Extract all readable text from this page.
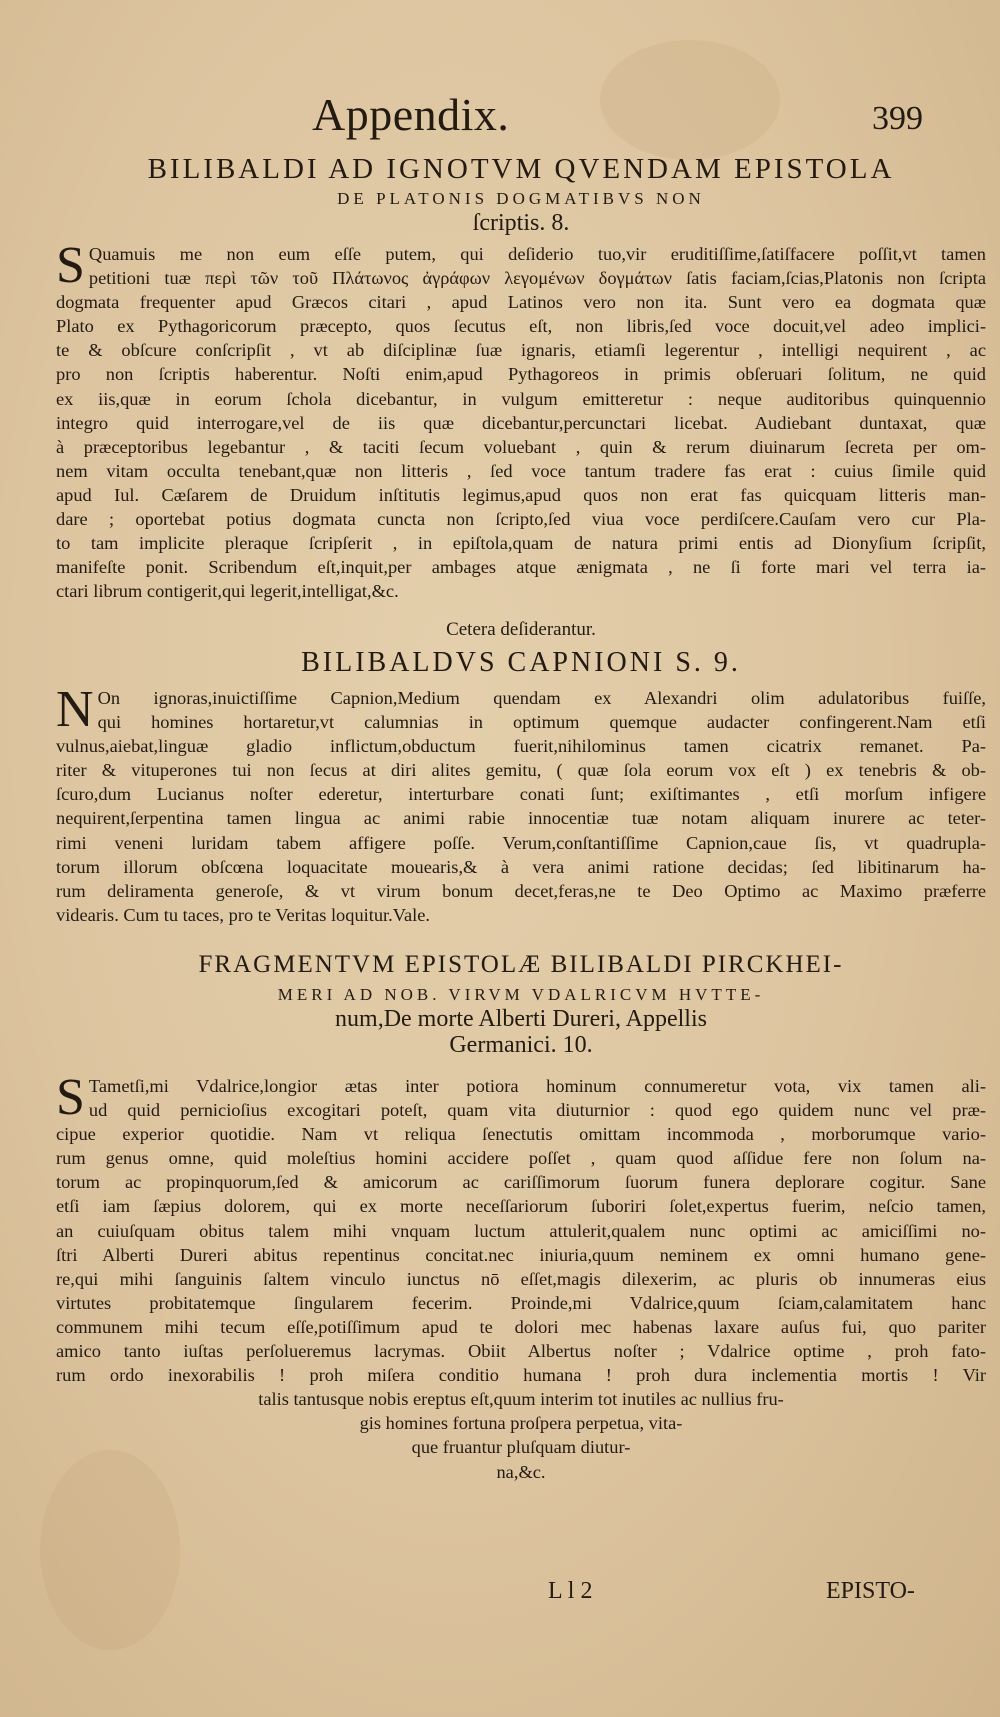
Appendix.	399
BILIBALDI AD IGNOTVM QVENDAM EPISTOLA
DE PLATONIS DOGMATIBVS NON
ſcriptis. 8.
S Quamuis me non eum eſſe putem, qui deſiderio tuo,vir eruditiſſime,ſatiſfacere poſſit,vt tamen
petitioni tuæ περὶ τῶν τοῦ Πλάτωνος ἀγράφων λεγομένων δογμάτων ſatis faciam,ſcias,Platonis non ſcripta
dogmata frequenter apud Græcos citari , apud Latinos vero non ita. Sunt vero ea dogmata quæ
Plato ex Pythagoricorum præcepto, quos ſecutus eſt, non libris,ſed voce docuit,vel adeo implici-
te & obſcure conſcripſit , vt ab diſciplinæ ſuæ ignaris, etiamſi legerentur , intelligi nequirent , ac
pro non ſcriptis haberentur. Noſti enim,apud Pythagoreos in primis obſeruari ſolitum, ne quid
ex iis,quæ in eorum ſchola dicebantur, in vulgum emitteretur : neque auditoribus quinquennio
integro quid interrogare,vel de iis quæ dicebantur,percunctari licebat. Audiebant duntaxat, quæ
à præceptoribus legebantur , & taciti ſecum voluebant , quin & rerum diuinarum ſecreta per om-
nem vitam occulta tenebant,quæ non litteris , ſed voce tantum tradere fas erat : cuius ſimile quid
apud Iul. Cæſarem de Druidum inſtitutis legimus,apud quos non erat fas quicquam litteris man-
dare ; oportebat potius dogmata cuncta non ſcripto,ſed viua voce perdiſcere.Cauſam vero cur Pla-
to tam implicite pleraque ſcripſerit , in epiſtola,quam de natura primi entis ad Dionyſium ſcripſit,
manifeſte ponit. Scribendum eſt,inquit,per ambages atque ænigmata , ne ſi forte mari vel terra ia-
ctari librum contigerit,qui legerit,intelligat,&c.
Cetera deſiderantur.
BILIBALDVS CAPNIONI S. 9.
N On ignoras,inuictiſſime Capnion,Medium quendam ex Alexandri olim adulatoribus fuiſſe,
qui homines hortaretur,vt calumnias in optimum quemque audacter confingerent.Nam etſi
vulnus,aiebat,linguæ gladio inflictum,obductum fuerit,nihilominus tamen cicatrix remanet. Pa-
riter & vituperones tui non ſecus at diri alites gemitu, ( quæ ſola eorum vox eſt ) ex tenebris & ob-
ſcuro,dum Lucianus noſter ederetur, interturbare conati ſunt; exiſtimantes , etſi morſum infigere
nequirent,ſerpentina tamen lingua ac animi rabie innocentiæ tuæ notam aliquam inurere ac teter-
rimi veneni luridam tabem affigere poſſe. Verum,conſtantiſſime Capnion,caue ſis, vt quadrupla-
torum illorum obſcœna loquacitate mouearis,& à vera animi ratione decidas; ſed libitinarum ha-
rum deliramenta generoſe, & vt virum bonum decet,feras,ne te Deo Optimo ac Maximo præferre
videaris. Cum tu taces, pro te Veritas loquitur.Vale.
FRAGMENTVM EPISTOLÆ BILIBALDI PIRCKHEI-
MERI AD NOB. VIRVM VDALRICVM HVTTE-
num,De morte Alberti Dureri, Appellis
Germanici. 10.
S Tametſi,mi Vdalrice,longior ætas inter potiora hominum connumeretur vota, vix tamen ali-
ud quid pernicioſius excogitari poteſt, quam vita diuturnior : quod ego quidem nunc vel præ-
cipue experior quotidie. Nam vt reliqua ſenectutis omittam incommoda , morborumque vario-
rum genus omne, quid moleſtius homini accidere poſſet , quam quod aſſidue fere non ſolum na-
torum ac propinquorum,ſed & amicorum ac cariſſimorum ſuorum funera deplorare cogitur. Sane
etſi iam ſæpius dolorem, qui ex morte neceſſariorum ſuboriri ſolet,expertus fuerim, neſcio tamen,
an cuiuſquam obitus talem mihi vnquam luctum attulerit,qualem nunc optimi ac amiciſſimi no-
ſtri Alberti Dureri abitus repentinus concitat.nec iniuria,quum neminem ex omni humano gene-
re,qui mihi ſanguinis ſaltem vinculo iunctus nō eſſet,magis dilexerim, ac pluris ob innumeras eius
virtutes probitatemque ſingularem fecerim. Proinde,mi Vdalrice,quum ſciam,calamitatem hanc
communem mihi tecum eſſe,potiſſimum apud te dolori mec habenas laxare auſus fui, quo pariter
amico tanto iuſtas perſolueremus lacrymas. Obiit Albertus noſter ; Vdalrice optime , proh fato-
rum ordo inexorabilis ! proh miſera conditio humana ! proh dura inclementia mortis ! Vir
talis tantusque nobis ereptus eſt,quum interim tot inutiles ac nullius fru-
gis homines fortuna proſpera perpetua, vita-
que fruantur pluſquam diutur-
na,&c.
L l 2	EPISTO-
